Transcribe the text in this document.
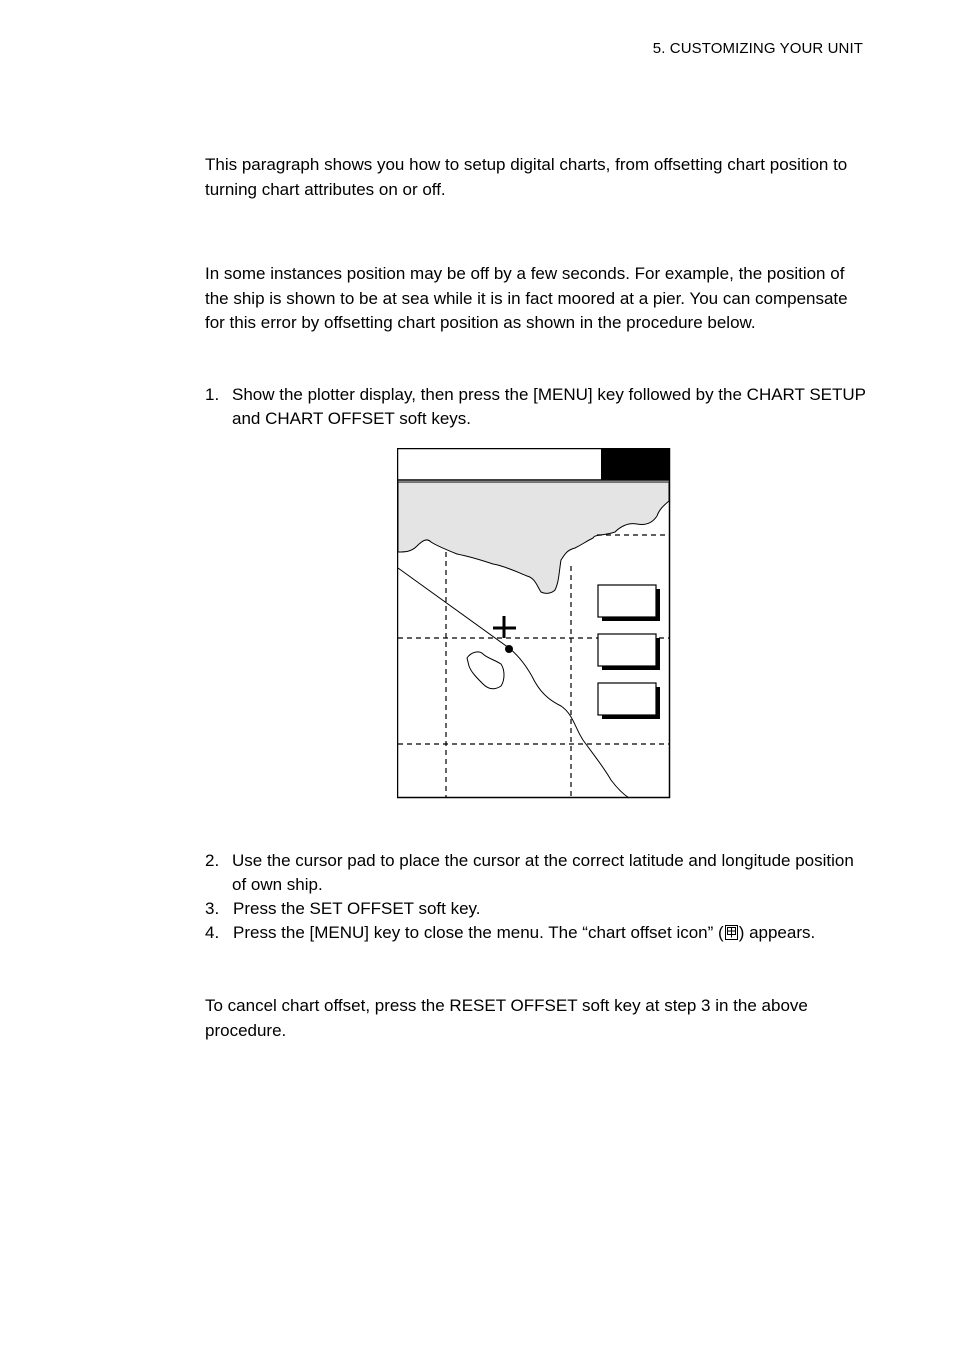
5. CUSTOMIZING YOUR UNIT

This paragraph shows you how to setup digital charts, from offsetting chart position to turning chart attributes on or off.

In some instances position may be off by a few seconds. For example, the position of the ship is shown to be at sea while it is in fact moored at a pier. You can compensate for this error by offsetting chart position as shown in the procedure below.

1. Show the plotter display, then press the [MENU] key followed by the CHART SETUP and CHART OFFSET soft keys.
2. Use the cursor pad to place the cursor at the correct latitude and longitude position of own ship.
3. Press the SET OFFSET soft key.
4. Press the [MENU] key to close the menu. The “chart offset icon” ( ) appears.

To cancel chart offset, press the RESET OFFSET soft key at step 3 in the above procedure.
